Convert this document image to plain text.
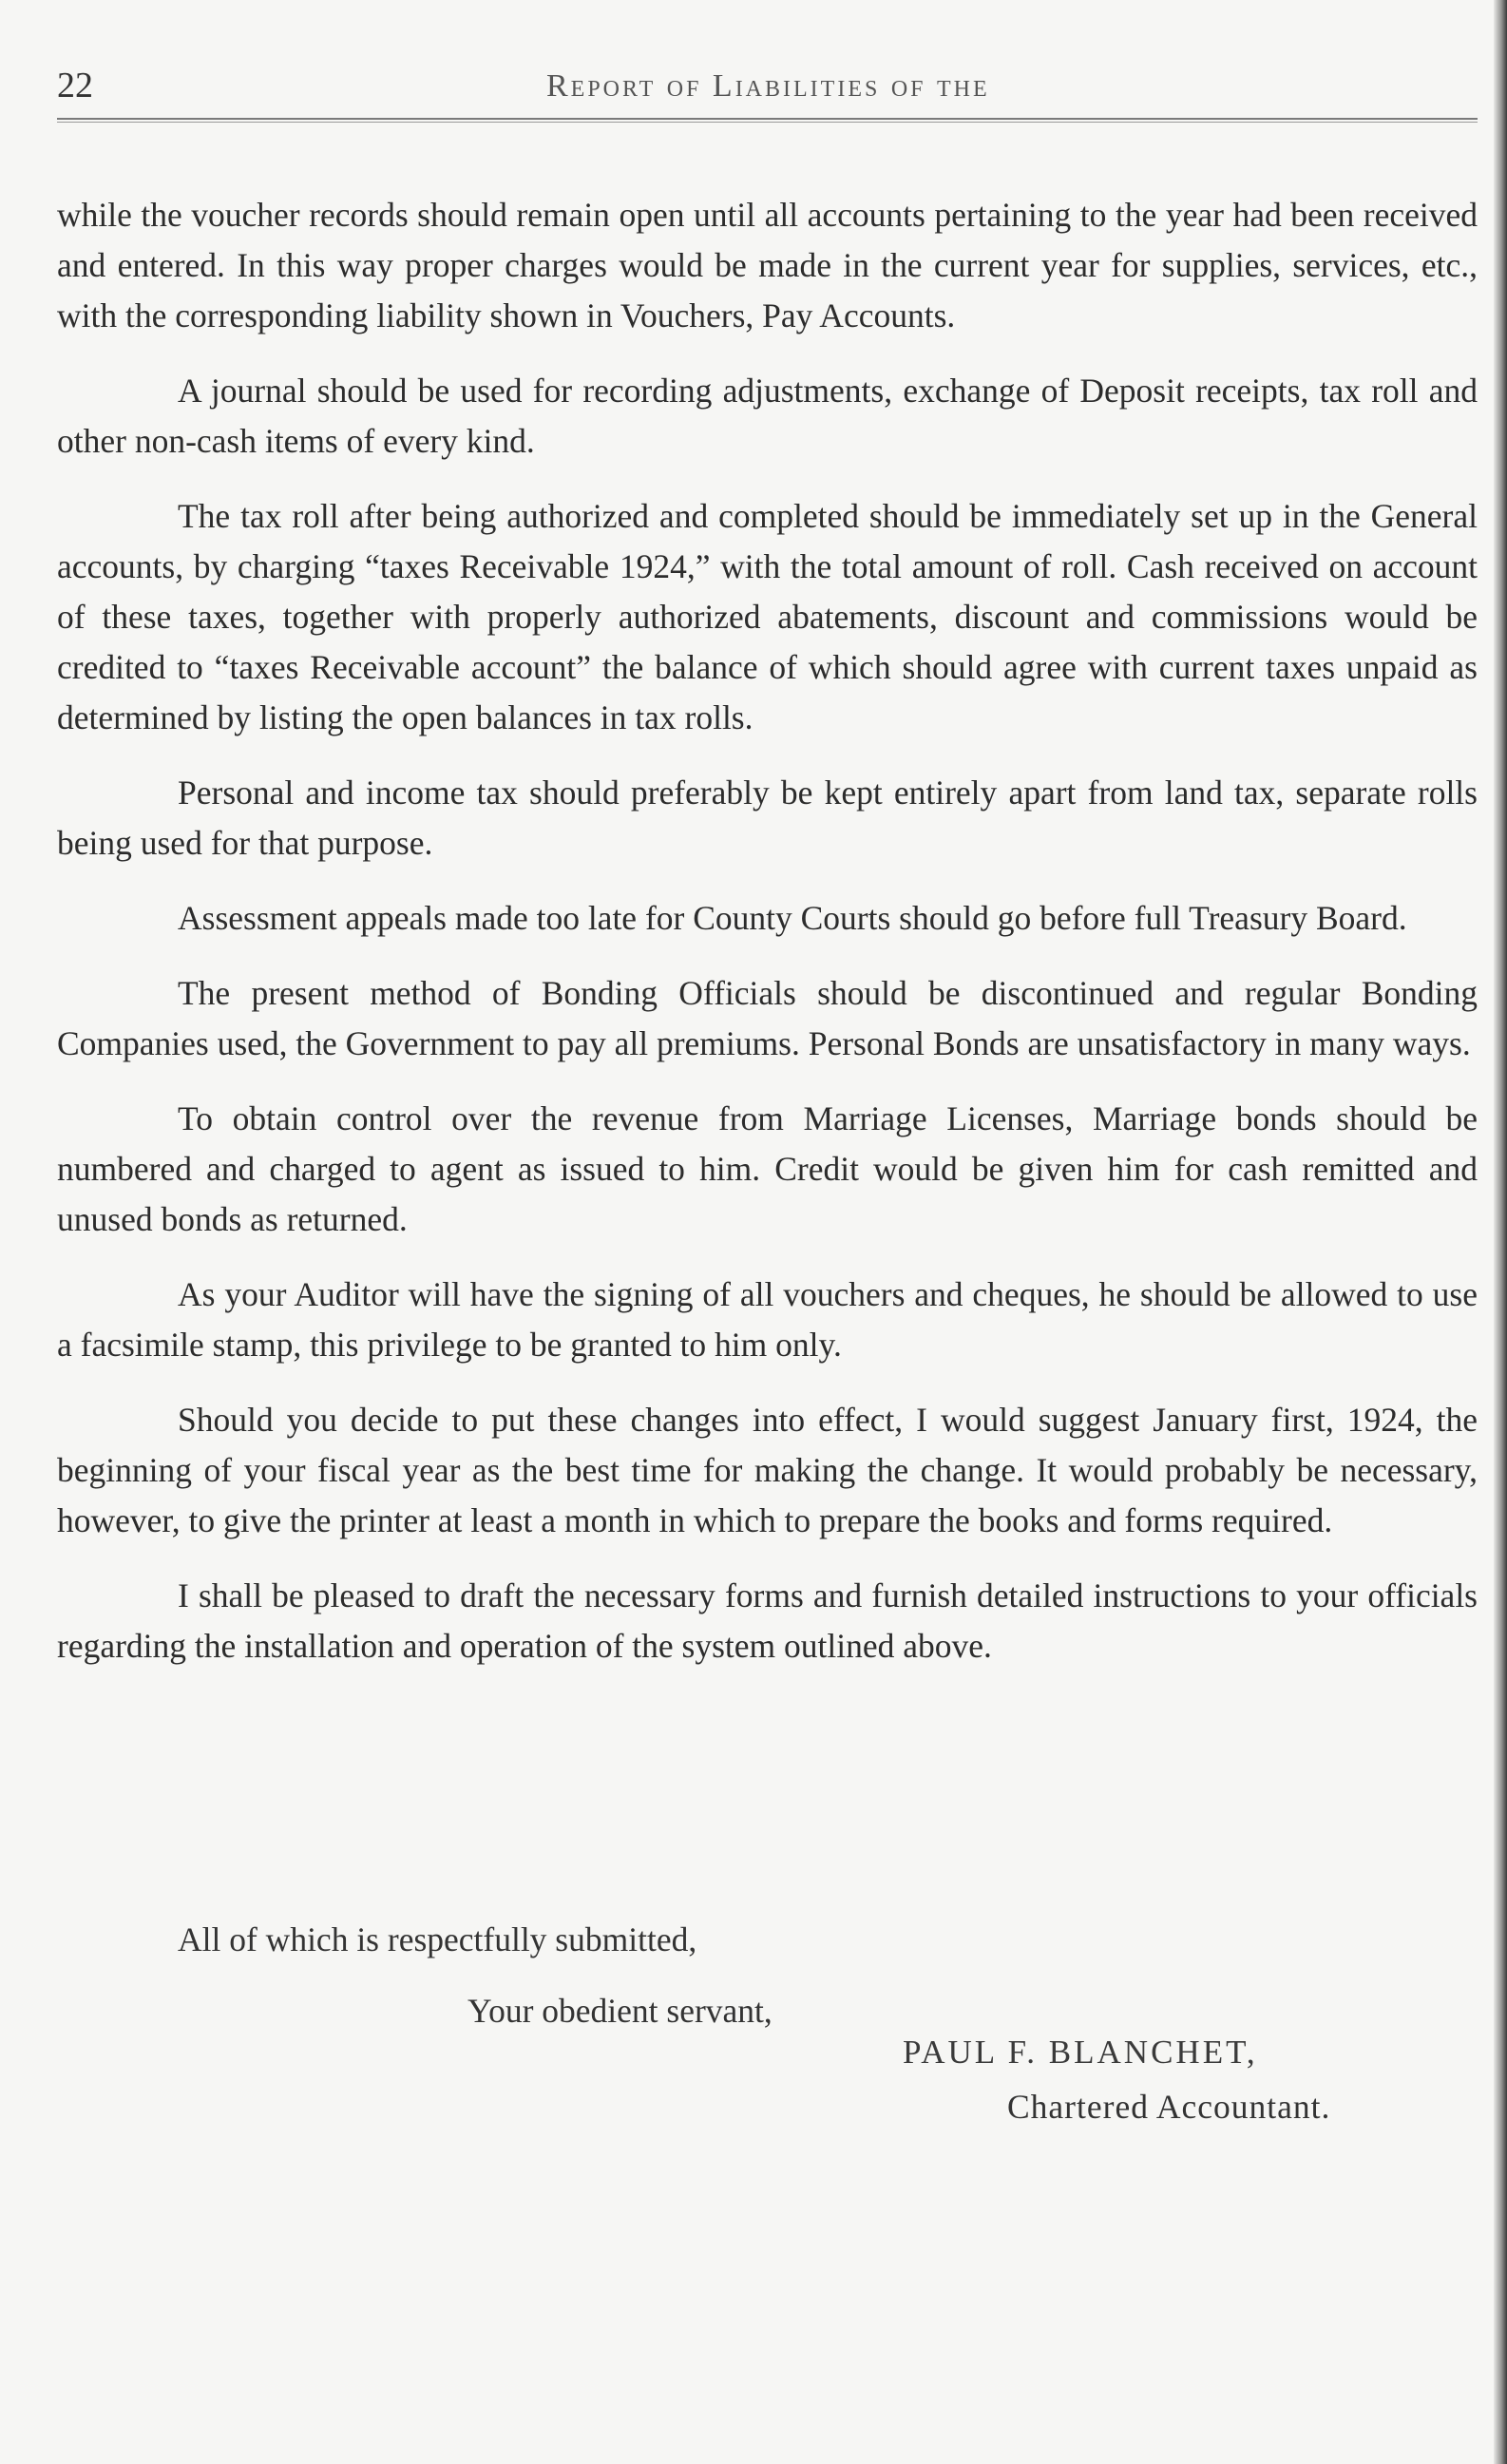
22	Report of Liabilities of the

while the voucher records should remain open until all accounts pertaining to the year had been received and entered. In this way proper charges would be made in the current year for supplies, services, etc., with the corresponding liability shown in Vouchers, Pay Accounts.

A journal should be used for recording adjustments, exchange of Deposit receipts, tax roll and other non-cash items of every kind.

The tax roll after being authorized and completed should be immediately set up in the General accounts, by charging “taxes Receivable 1924,” with the total amount of roll. Cash received on account of these taxes, together with properly authorized abatements, discount and commissions would be credited to “taxes Receivable account” the balance of which should agree with current taxes unpaid as determined by listing the open balances in tax rolls.

Personal and income tax should preferably be kept entirely apart from land tax, separate rolls being used for that purpose.

Assessment appeals made too late for County Courts should go before full Treasury Board.

The present method of Bonding Officials should be discontinued and regular Bonding Companies used, the Government to pay all premiums. Personal Bonds are unsatisfactory in many ways.

To obtain control over the revenue from Marriage Licenses, Marriage bonds should be numbered and charged to agent as issued to him. Credit would be given him for cash remitted and unused bonds as returned.

As your Auditor will have the signing of all vouchers and cheques, he should be allowed to use a facsimile stamp, this privilege to be granted to him only.

Should you decide to put these changes into effect, I would suggest January first, 1924, the beginning of your fiscal year as the best time for making the change. It would probably be necessary, however, to give the printer at least a month in which to prepare the books and forms required.

I shall be pleased to draft the necessary forms and furnish detailed instructions to your officials regarding the installation and operation of the system outlined above.

All of which is respectfully submitted,
Your obedient servant,
PAUL F. BLANCHET,
Chartered Accountant.
